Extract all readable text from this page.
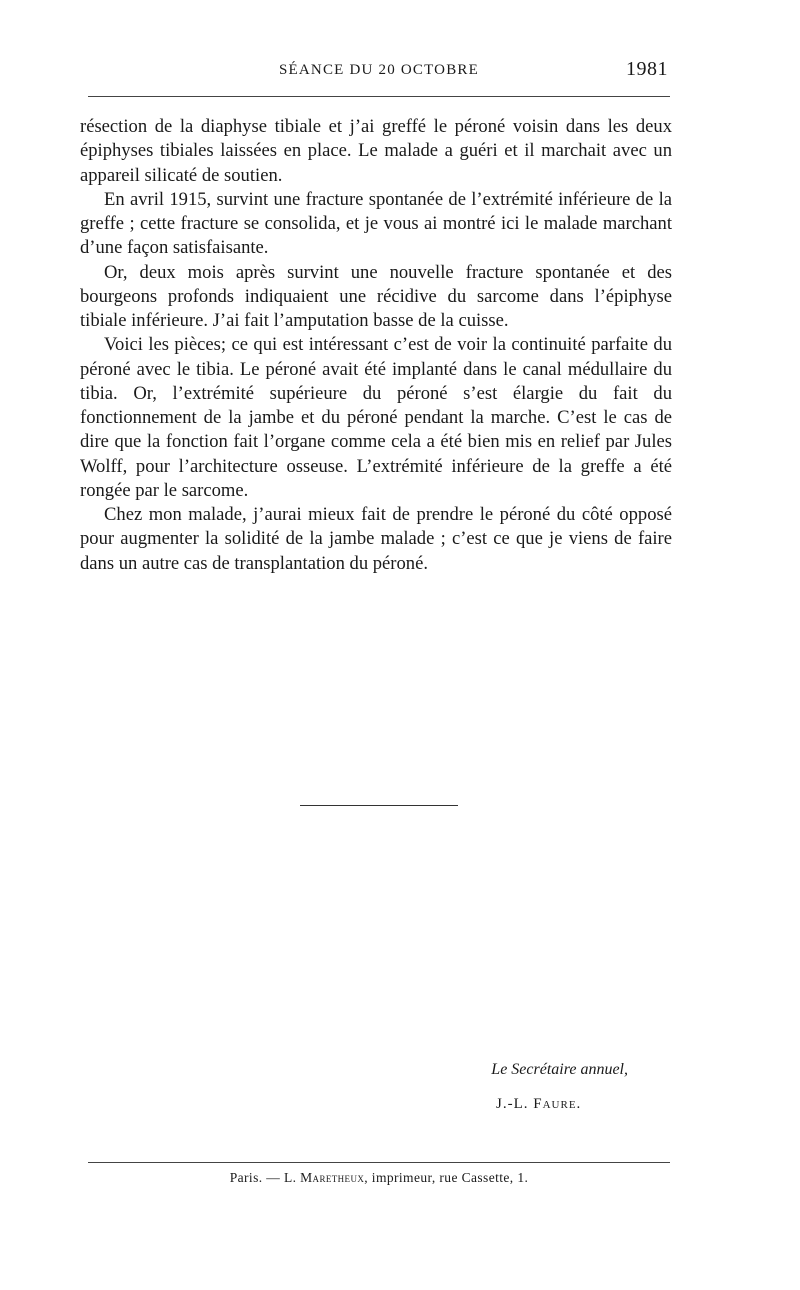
SÉANCE DU 20 OCTOBRE	1981

résection de la diaphyse tibiale et j’ai greffé le péroné voisin dans les deux épiphyses tibiales laissées en place. Le malade a guéri et il marchait avec un appareil silicaté de soutien.

En avril 1915, survint une fracture spontanée de l’extrémité inférieure de la greffe ; cette fracture se consolida, et je vous ai montré ici le malade marchant d’une façon satisfaisante.

Or, deux mois après survint une nouvelle fracture spontanée et des bourgeons profonds indiquaient une récidive du sarcome dans l’épiphyse tibiale inférieure. J’ai fait l’amputation basse de la cuisse.

Voici les pièces; ce qui est intéressant c’est de voir la continuité parfaite du péroné avec le tibia. Le péroné avait été implanté dans le canal médullaire du tibia. Or, l’extrémité supérieure du péroné s’est élargie du fait du fonctionnement de la jambe et du péroné pendant la marche. C’est le cas de dire que la fonction fait l’organe comme cela a été bien mis en relief par Jules Wolff, pour l’architecture osseuse. L’extrémité inférieure de la greffe a été rongée par le sarcome.

Chez mon malade, j’aurai mieux fait de prendre le péroné du côté opposé pour augmenter la solidité de la jambe malade ; c’est ce que je viens de faire dans un autre cas de transplantation du péroné.

Le Secrétaire annuel,
J.-L. Faure.
Paris. — L. Maretheux, imprimeur, rue Cassette, 1.
